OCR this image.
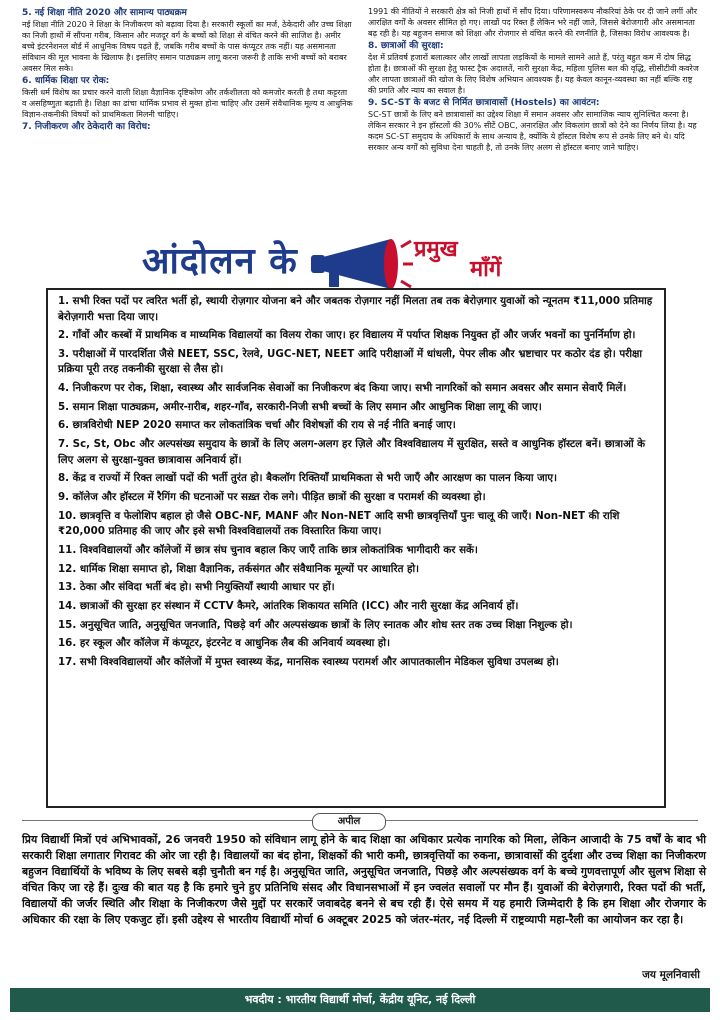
5. नई शिक्षा नीति 2020 और सामान्य पाठ्यक्रम

नई शिक्षा नीति 2020 ने शिक्षा के निजीकरण को बढ़ावा दिया है। सरकारी स्कूलों का मर्ज, ठेकेदारी और उच्च शिक्षा का निजी हाथों में सौंपना गरीब, किसान और मजदूर वर्ग के बच्चों को शिक्षा से वंचित करने की साजिश है। अमीर बच्चे इंटरनेशनल बोर्ड में आधुनिक विषय पढ़ते हैं, जबकि गरीब बच्चों के पास कंप्यूटर तक नहीं। यह असमानता संविधान की मूल भावना के खिलाफ है। इसलिए समान पाठ्यक्रम लागू करना जरूरी है ताकि सभी बच्चों को बराबर अवसर मिल सके।

6. धार्मिक शिक्षा पर रोक:

किसी धर्म विशेष का प्रचार करने वाली शिक्षा वैज्ञानिक दृष्टिकोण और तर्कशीलता को कमजोर करती है तथा कट्टरता व असहिष्णुता बढ़ाती है। शिक्षा का ढांचा धार्मिक प्रभाव से मुक्त होना चाहिए और उसमें संवैधानिक मूल्य व आधुनिक विज्ञान-तकनीकी विषयों को प्राथमिकता मिलनी चाहिए।

7. निजीकरण और ठेकेदारी का विरोध:

1991 की नीतियों ने सरकारी क्षेत्र को निजी हाथों में सौंप दिया। परिणामस्वरूप नौकरियां ठेके पर दी जाने लगीं और आरक्षित वर्गों के अवसर सीमित हो गए। लाखों पद रिक्त हैं लेकिन भरे नहीं जाते, जिससे बेरोजगारी और असमानता बढ़ रही है। यह बहुजन समाज को शिक्षा और रोजगार से वंचित करने की रणनीति है, जिसका विरोध आवश्यक है।

8. छात्राओं की सुरक्षा:

देश में प्रतिवर्ष हजारों बलात्कार और लाखों लापता लड़कियों के मामले सामने आते हैं, परंतु बहुत कम में दोष सिद्ध होता है। छात्राओं की सुरक्षा हेतु फास्ट ट्रैक अदालतें, नारी सुरक्षा केंद्र, महिला पुलिस बल की वृद्धि, सीसीटीवी कवरेज और लापता छात्राओं की खोज के लिए विशेष अभियान आवश्यक हैं। यह केवल कानून-व्यवस्था का नहीं बल्कि राष्ट्र की प्रगति और न्याय का सवाल है।

9. SC-ST के बजट से निर्मित छात्रावासों (Hostels) का आवंटन:

SC-ST छात्रों के लिए बने छात्रावासों का उद्देश्य शिक्षा में समान अवसर और सामाजिक न्याय सुनिश्चित करना है। लेकिन सरकार ने इन हॉस्टलों की 30% सीटें OBC, अनारक्षित और विकलांग छात्रों को देने का निर्णय लिया है। यह कदम SC-ST समुदाय के अधिकारों के साथ अन्याय है, क्योंकि ये हॉस्टल विशेष रूप से उनके लिए बने थे। यदि सरकार अन्य वर्गों को सुविधा देना चाहती है, तो उनके लिए अलग से हॉस्टल बनाए जाने चाहिए।

आंदोलन के	प्रमुख
माँगें
1. सभी रिक्त पदों पर त्वरित भर्ती हो, स्थायी रोज़गार योजना बने और जबतक रोज़गार नहीं मिलता तब तक बेरोज़गार युवाओं को न्यूनतम ₹11,000 प्रतिमाह बेरोज़गारी भत्ता दिया जाए।
2. गाँवों और कस्बों में प्राथमिक व माध्यमिक विद्यालयों का विलय रोका जाए। हर विद्यालय में पर्याप्त शिक्षक नियुक्त हों और जर्जर भवनों का पुनर्निर्माण हो।
3. परीक्षाओं में पारदर्शिता जैसे NEET, SSC, रेलवे, UGC-NET, NEET आदि परीक्षाओं में धांधली, पेपर लीक और भ्रष्टाचार पर कठोर दंड हो। परीक्षा प्रक्रिया पूरी तरह तकनीकी सुरक्षा से लैस हो।
4. निजीकरण पर रोक, शिक्षा, स्वास्थ्य और सार्वजनिक सेवाओं का निजीकरण बंद किया जाए। सभी नागरिकों को समान अवसर और समान सेवाएँ मिलें।
5. समान शिक्षा पाठ्यक्रम, अमीर-ग़रीब, शहर-गाँव, सरकारी-निजी सभी बच्चों के लिए समान और आधुनिक शिक्षा लागू की जाए।
6. छात्रविरोधी NEP 2020 समाप्त कर लोकतांत्रिक चर्चा और विशेषज्ञों की राय से नई नीति बनाई जाए।
7. Sc, St, Obc और अल्पसंख्य समुदाय के छात्रों के लिए अलग-अलग हर ज़िले और विश्वविद्यालय में सुरक्षित, सस्ते व आधुनिक हॉस्टल बनें। छात्राओं के लिए अलग से सुरक्षा-युक्त छात्रावास अनिवार्य हों।
8. केंद्र व राज्यों में रिक्त लाखों पदों की भर्ती तुरंत हो। बैकलॉग रिक्तियाँ प्राथमिकता से भरी जाएँ और आरक्षण का पालन किया जाए।
9. कॉलेज और हॉस्टल में रैगिंग की घटनाओं पर सख़्त रोक लगे। पीड़ित छात्रों की सुरक्षा व परामर्श की व्यवस्था हो।
10. छात्रवृत्ति व फेलोशिप बहाल हो जैसे OBC-NF, MANF और Non-NET आदि सभी छात्रवृत्तियाँ पुनः चालू की जाएँ। Non-NET की राशि ₹20,000 प्रतिमाह की जाए और इसे सभी विश्वविद्यालयों तक विस्तारित किया जाए।
11. विश्वविद्यालयों और कॉलेजों में छात्र संघ चुनाव बहाल किए जाएँ ताकि छात्र लोकतांत्रिक भागीदारी कर सकें।
12. धार्मिक शिक्षा समाप्त हो, शिक्षा वैज्ञानिक, तर्कसंगत और संवैधानिक मूल्यों पर आधारित हो।
13. ठेका और संविदा भर्ती बंद हो। सभी नियुक्तियाँ स्थायी आधार पर हों।
14. छात्राओं की सुरक्षा हर संस्थान में CCTV कैमरे, आंतरिक शिकायत समिति (ICC) और नारी सुरक्षा केंद्र अनिवार्य हों।
15. अनुसूचित जाति, अनुसूचित जनजाति, पिछड़े वर्ग और अल्पसंख्यक छात्रों के लिए स्नातक और शोध स्तर तक उच्च शिक्षा निशुल्क हो।
16. हर स्कूल और कॉलेज में कंप्यूटर, इंटरनेट व आधुनिक लैब की अनिवार्य व्यवस्था हो।
17. सभी विश्वविद्यालयों और कॉलेजों में मुफ्त स्वास्थ्य केंद्र, मानसिक स्वास्थ्य परामर्श और आपातकालीन मेडिकल सुविधा उपलब्ध हो।
अपील
प्रिय विद्यार्थी मित्रों एवं अभिभावकों, 26 जनवरी 1950 को संविधान लागू होने के बाद शिक्षा का अधिकार प्रत्येक नागरिक को मिला, लेकिन आजादी के 75 वर्षों के बाद भी सरकारी शिक्षा लगातार गिरावट की ओर जा रही है। विद्यालयों का बंद होना, शिक्षकों की भारी कमी, छात्रवृत्तियों का रुकना, छात्रावासों की दुर्दशा और उच्च शिक्षा का निजीकरण बहुजन विद्यार्थियों के भविष्य के लिए सबसे बड़ी चुनौती बन गई है। अनुसूचित जाति, अनुसूचित जनजाति, पिछड़े और अल्पसंख्यक वर्ग के बच्चे गुणवत्तापूर्ण और सुलभ शिक्षा से वंचित किए जा रहे हैं। दुःख की बात यह है कि हमारे चुने हुए प्रतिनिधि संसद और विधानसभाओं में इन ज्वलंत सवालों पर मौन हैं। युवाओं की बेरोज़गारी, रिक्त पदों की भर्ती, विद्यालयों की जर्जर स्थिति और शिक्षा के निजीकरण जैसे मुद्दों पर सरकारें जवाबदेह बनने से बच रही हैं। ऐसे समय में यह हमारी जिम्मेदारी है कि हम शिक्षा और रोजगार के अधिकार की रक्षा के लिए एकजुट हों। इसी उद्देश्य से भारतीय विद्यार्थी मोर्चा 6 अक्टूबर 2025 को जंतर-मंतर, नई दिल्ली में राष्ट्रव्यापी महा-रैली का आयोजन कर रहा है।
जय मूलनिवासी
भवदीय : भारतीय विद्यार्थी मोर्चा, केंद्रीय यूनिट, नई दिल्ली
